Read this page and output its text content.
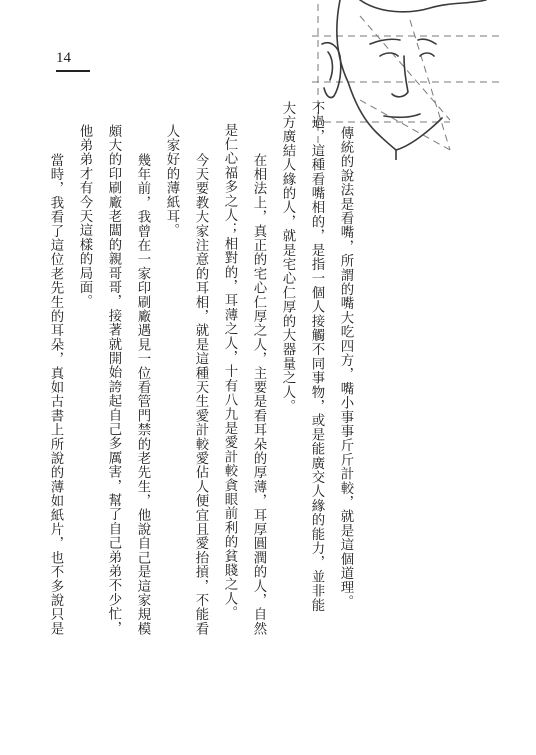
14
傳統的說法是看嘴，所謂的嘴大吃四方，嘴小事事斤斤計較，就是這個道理。
不過，這種看嘴相的，是指一個人接觸不同事物，或是能廣交人緣的能力，並非能
大方廣結人緣的人，就是宅心仁厚的大器量之人。
在相法上，真正的宅心仁厚之人，主要是看耳朵的厚薄，耳厚圓潤的人，自然
是仁心福多之人；相對的，耳薄之人，十有八九是愛計較貪眼前利的貧賤之人。
今天要教大家注意的耳相，就是這種天生愛計較愛佔人便宜且愛抬摃，不能看
人家好的薄紙耳。
幾年前，我曾在一家印刷廠遇見一位看管門禁的老先生，他說自己是這家規模
頗大的印刷廠老闆的親哥哥，接著就開始誇起自己多厲害，幫了自己弟弟不少忙，
他弟弟才有今天這樣的局面。
當時，我看了這位老先生的耳朵，真如古書上所說的薄如紙片，也不多說只是
